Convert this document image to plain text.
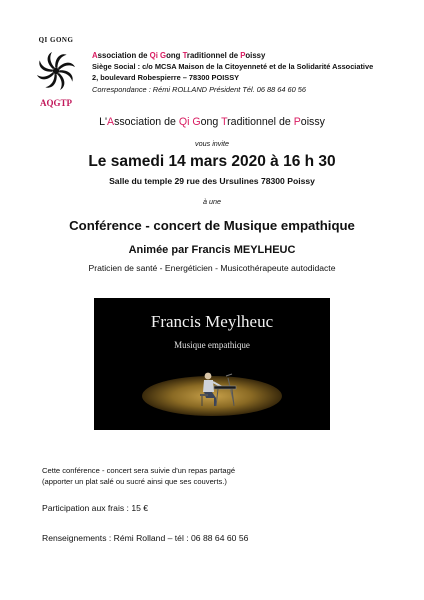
QI GONG
AQGTP
Association de Qi Gong Traditionnel de Poissy
Siège Social : c/o MCSA Maison de la Citoyenneté et de la Solidarité Associative
2, boulevard Robespierre – 78300 POISSY
Correspondance : Rémi ROLLAND Président Tél. 06 88 64 60 56
L'Association de Qi Gong Traditionnel de Poissy
vous invite
Le samedi 14 mars 2020 à 16 h 30
Salle du temple 29 rue des Ursulines 78300 Poissy
à une
Conférence - concert de Musique empathique
Animée par Francis MEYLHEUC
Praticien de santé - Energéticien - Musicothérapeute autodidacte
Francis Meylheuc
Musique empathique
Cette conférence - concert sera suivie d'un repas partagé
(apporter un plat salé ou sucré ainsi que ses couverts.)
Participation aux frais : 15 €
Renseignements : Rémi Rolland – tél : 06 88 64 60 56
